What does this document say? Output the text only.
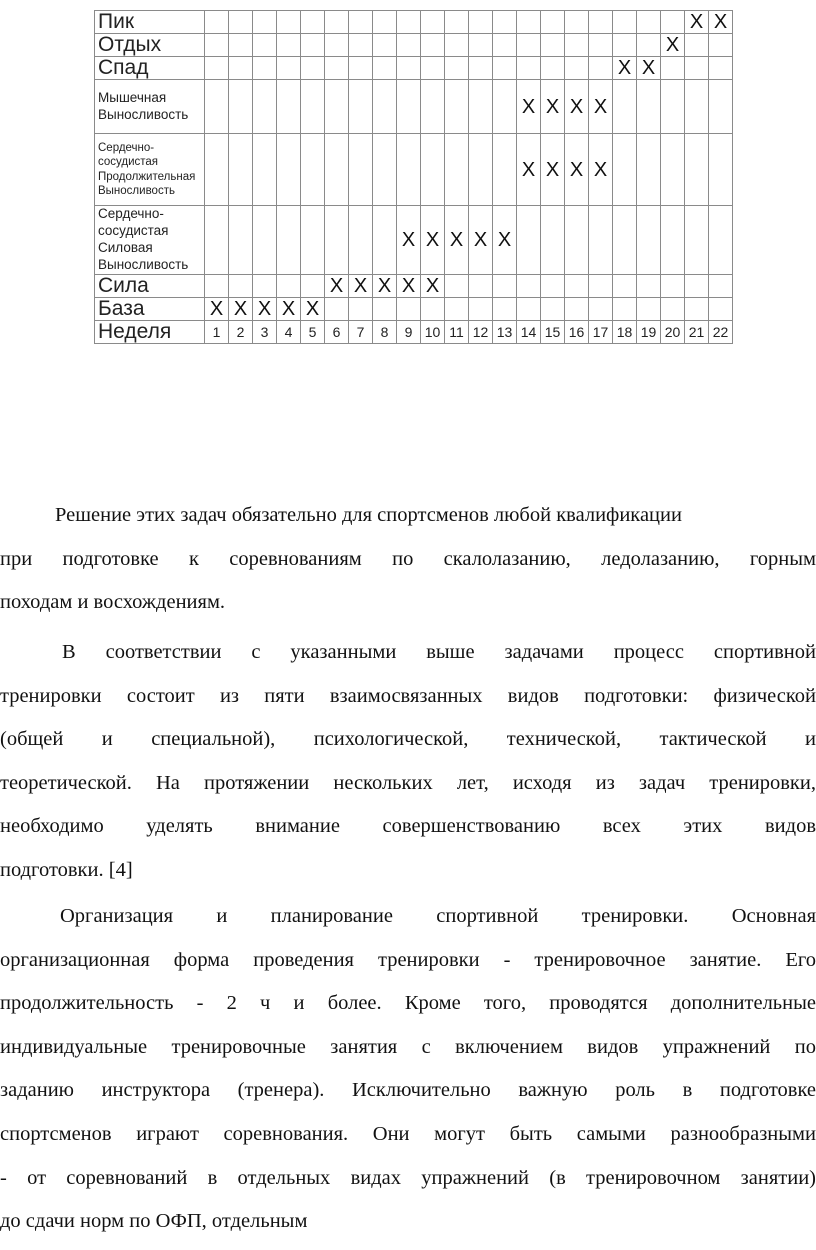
Пик																					X	X
Отдых																				X		
Спад																		X	X			
Мышечная Выносливость														X	X	X	X					
Сердечно-сосудистая Продолжительная Выносливость														X	X	X	X					
Сердечно-сосудистая Силовая Выносливость									X	X	X	X	X									
Сила						X	X	X	X	X												
База	X	X	X	X	X																	
Неделя	1	2	3	4	5	6	7	8	9	10	11	12	13	14	15	16	17	18	19	20	21	22

Решение этих задач обязательно для спортсменов любой квалификации
при подготовке к соревнованиям по скалолазанию, ледолазанию, горным
походам и восхождениям.

В соответствии с указанными выше задачами процесс спортивной
тренировки состоит из пяти взаимосвязанных видов подготовки: физической
(общей и специальной), психологической, технической, тактической и
теоретической. На протяжении нескольких лет, исходя из задач тренировки,
необходимо уделять внимание совершенствованию всех этих видов
подготовки. [4]

Организация и планирование спортивной тренировки. Основная
организационная форма проведения тренировки - тренировочное занятие. Его
продолжительность - 2 ч и более. Кроме того, проводятся дополнительные
индивидуальные тренировочные занятия с включением видов упражнений по
заданию инструктора (тренера). Исключительно важную роль в подготовке
спортсменов играют соревнования. Они могут быть самыми разнообразными
- от соревнований в отдельных видах упражнений (в тренировочном занятии)
до сдачи норм по ОФП, отдельным
